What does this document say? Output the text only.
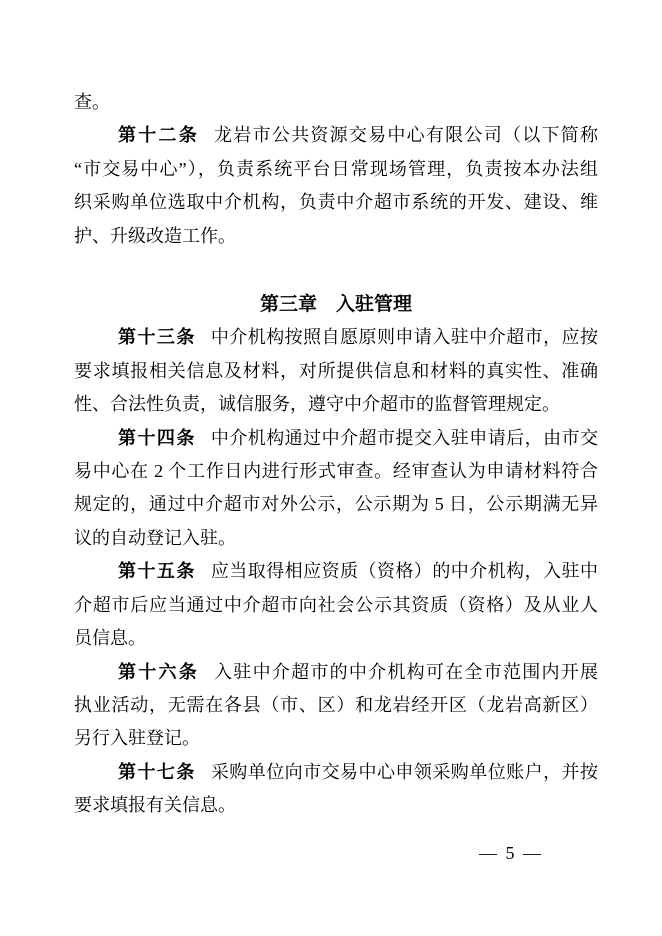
查。
第十二条 龙岩市公共资源交易中心有限公司（以下简称
“市交易中心”），负责系统平台日常现场管理，负责按本办法组
织采购单位选取中介机构，负责中介超市系统的开发、建设、维
护、升级改造工作。
第三章　入驻管理
第十三条 中介机构按照自愿原则申请入驻中介超市，应按
要求填报相关信息及材料，对所提供信息和材料的真实性、准确
性、合法性负责，诚信服务，遵守中介超市的监督管理规定。
第十四条 中介机构通过中介超市提交入驻申请后，由市交
易中心在 2 个工作日内进行形式审查。经审查认为申请材料符合
规定的，通过中介超市对外公示，公示期为 5 日，公示期满无异
议的自动登记入驻。
第十五条 应当取得相应资质（资格）的中介机构，入驻中
介超市后应当通过中介超市向社会公示其资质（资格）及从业人
员信息。
第十六条 入驻中介超市的中介机构可在全市范围内开展
执业活动，无需在各县（市、区）和龙岩经开区（龙岩高新区）
另行入驻登记。
第十七条 采购单位向市交易中心申领采购单位账户，并按
要求填报有关信息。
— 5 —
